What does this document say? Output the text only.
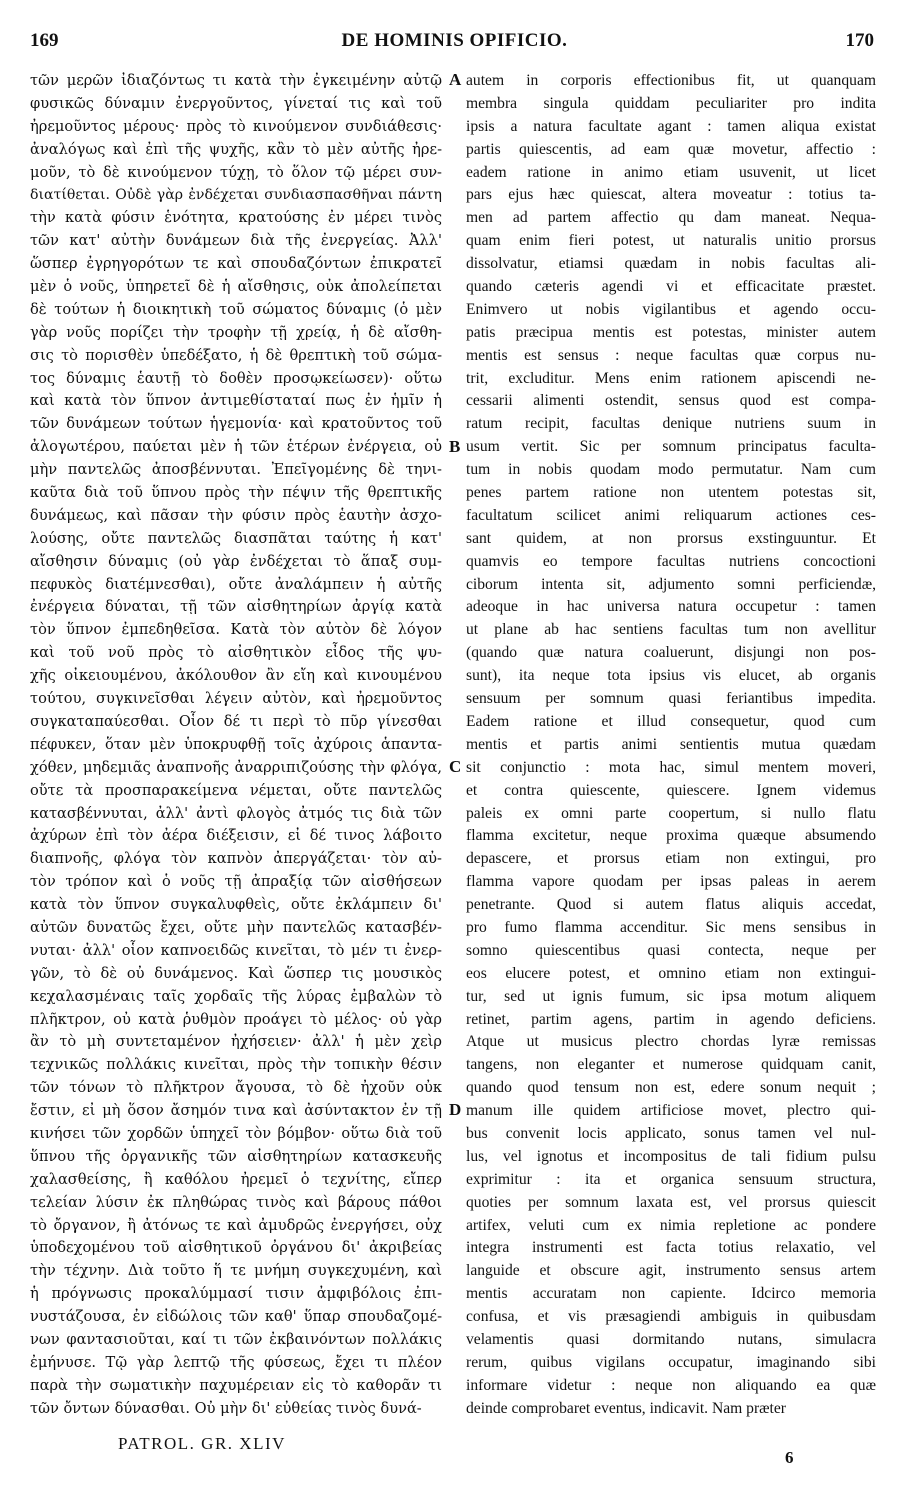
169	DE HOMINIS OPIFICIO.	170
τῶν μερῶν ἰδιαζόντως τι κατὰ τὴν ἐγκειμένην αὐτῷ
φυσικῶς δύναμιν ἐνεργοῦντος, γίνεταί τις καὶ τοῦ
ἠρεμοῦντος μέρους· πρὸς τὸ κινούμενον συνδιάθεσις·
ἀναλόγως καὶ ἐπὶ τῆς ψυχῆς, κἂν τὸ μὲν αὐτῆς ἠρε-
μοῦν, τὸ δὲ κινούμενον τύχῃ, τὸ ὅλον τῷ μέρει συν-
διατίθεται. Οὐδὲ γὰρ ἐνδέχεται συνδιασπασθῆναι πάντη
τὴν κατὰ φύσιν ἑνότητα, κρατούσης ἐν μέρει τινὸς
τῶν κατ' αὐτὴν δυνάμεων διὰ τῆς ἐνεργείας. Ἀλλ'
ὥσπερ ἐγρηγορότων τε καὶ σπουδαζόντων ἐπικρατεῖ
μὲν ὁ νοῦς, ὑπηρετεῖ δὲ ἡ αἴσθησις, οὐκ ἀπολείπεται
δὲ τούτων ἡ διοικητικὴ τοῦ σώματος δύναμις (ὁ μὲν
γὰρ νοῦς πορίζει τὴν τροφὴν τῇ χρείᾳ, ἡ δὲ αἴσθη-
σις τὸ πορισθὲν ὑπεδέξατο, ἡ δὲ θρεπτικὴ τοῦ σώμα-
τος δύναμις ἑαυτῇ τὸ δοθὲν προσῳκείωσεν)· οὕτω
καὶ κατὰ τὸν ὕπνον ἀντιμεθίσταταί πως ἐν ἡμῖν ἡ
τῶν δυνάμεων τούτων ἡγεμονία· καὶ κρατοῦντος τοῦ
ἀλογωτέρου, παύεται μὲν ἡ τῶν ἑτέρων ἐνέργεια, οὐ
μὴν παντελῶς ἀποσβέννυται. Ἐπεῖγομένης δὲ τηνι-
καῦτα διὰ τοῦ ὕπνου πρὸς τὴν πέψιν τῆς θρεπτικῆς
δυνάμεως, καὶ πᾶσαν τὴν φύσιν πρὸς ἑαυτὴν ἀσχο-
λούσης, οὔτε παντελῶς διασπᾶται ταύτης ἡ κατ'
αἴσθησιν δύναμις (οὐ γὰρ ἐνδέχεται τὸ ἅπαξ συμ-
πεφυκὸς διατέμνεσθαι), οὔτε ἀναλάμπειν ἡ αὐτῆς
ἐνέργεια δύναται, τῇ τῶν αἰσθητηρίων ἀργίᾳ κατὰ
τὸν ὕπνον ἐμπεδηθεῖσα. Κατὰ τὸν αὐτὸν δὲ λόγον
καὶ τοῦ νοῦ πρὸς τὸ αἰσθητικὸν εἶδος τῆς ψυ-
χῆς οἰκειουμένου, ἀκόλουθον ἂν εἴη καὶ κινουμένου
τούτου, συγκινεῖσθαι λέγειν αὐτὸν, καὶ ἠρεμοῦντος
συγκαταπαύεσθαι. Οἷον δέ τι περὶ τὸ πῦρ γίνεσθαι
πέφυκεν, ὅταν μὲν ὑποκρυφθῇ τοῖς ἀχύροις ἁπαντα-
χόθεν, μηδεμιᾶς ἀναπνοῆς ἀναρριπιζούσης τὴν φλόγα,
οὔτε τὰ προσπαρακείμενα νέμεται, οὔτε παντελῶς
κατασβέννυται, ἀλλ' ἀντὶ φλογὸς ἀτμός τις διὰ τῶν
ἀχύρων ἐπὶ τὸν ἀέρα διέξεισιν, εἰ δέ τινος λάβοιτο
διαπνοῆς, φλόγα τὸν καπνὸν ἀπεργάζεται· τὸν αὐ-
τὸν τρόπον καὶ ὁ νοῦς τῇ ἀπραξίᾳ τῶν αἰσθήσεων
κατὰ τὸν ὕπνον συγκαλυφθεὶς, οὔτε ἐκλάμπειν δι'
αὐτῶν δυνατῶς ἔχει, οὔτε μὴν παντελῶς κατασβέν-
νυται· ἀλλ' οἷον καπνοειδῶς κινεῖται, τὸ μέν τι ἐνερ-
γῶν, τὸ δὲ οὐ δυνάμενος. Καὶ ὥσπερ τις μουσικὸς
κεχαλασμέναις ταῖς χορδαῖς τῆς λύρας ἐμβαλὼν τὸ
πλῆκτρον, οὐ κατὰ ῥυθμὸν προάγει τὸ μέλος· οὐ γὰρ
ἂν τὸ μὴ συντεταμένον ἠχήσειεν· ἀλλ' ἡ μὲν χεὶρ
τεχνικῶς πολλάκις κινεῖται, πρὸς τὴν τοπικὴν θέσιν
τῶν τόνων τὸ πλῆκτρον ἄγουσα, τὸ δὲ ἠχοῦν οὐκ
ἔστιν, εἰ μὴ ὅσον ἄσημόν τινα καὶ ἀσύντακτον ἐν τῇ
κινήσει τῶν χορδῶν ὑπηχεῖ τὸν βόμβον· οὕτω διὰ τοῦ
ὕπνου τῆς ὀργανικῆς τῶν αἰσθητηρίων κατασκευῆς
χαλασθείσης, ἢ καθόλου ἠρεμεῖ ὁ τεχνίτης, εἴπερ
τελείαν λύσιν ἐκ πληθώρας τινὸς καὶ βάρους πάθοι
τὸ ὄργανον, ἢ ἀτόνως τε καὶ ἀμυδρῶς ἐνεργήσει, οὐχ
ὑποδεχομένου τοῦ αἰσθητικοῦ ὀργάνου δι' ἀκριβείας
τὴν τέχνην. Διὰ τοῦτο ἥ τε μνήμη συγκεχυμένη, καὶ
ἡ πρόγνωσις προκαλύμμασί τισιν ἀμφιβόλοις ἐπι-
νυστάζουσα, ἐν εἰδώλοις τῶν καθ' ὕπαρ σπουδαζομέ-
νων φαντασιοῦται, καί τι τῶν ἐκβαινόντων πολλάκις
ἐμήνυσε. Τῷ γὰρ λεπτῷ τῆς φύσεως, ἔχει τι πλέον
παρὰ τὴν σωματικὴν παχυμέρειαν εἰς τὸ καθορᾶν τι
τῶν ὄντων δύνασθαι. Οὐ μὴν δι' εὐθείας τινὸς δυνά-
autem in corporis effectionibus fit, ut quanquam
membra singula quiddam peculiariter pro indita
ipsis a natura facultate agant : tamen aliqua existat
partis quiescentis, ad eam quæ movetur, affectio :
eadem ratione in animo etiam usuvenit, ut licet
pars ejus hæc quiescat, altera moveatur : totius ta-
men ad partem affectio qu dam maneat. Nequa-
quam enim fieri potest, ut naturalis unitio prorsus
dissolvatur, etiamsi quædam in nobis facultas ali-
quando cæteris agendi vi et efficacitate præstet.
Enimvero ut nobis vigilantibus et agendo occu-
patis præcipua mentis est potestas, minister autem
mentis est sensus : neque facultas quæ corpus nu-
trit, excluditur. Mens enim rationem apiscendi ne-
cessarii alimenti ostendit, sensus quod est compa-
ratum recipit, facultas denique nutriens suum in
usum vertit. Sic per somnum principatus faculta-
tum in nobis quodam modo permutatur. Nam cum
penes partem ratione non utentem potestas sit,
facultatum scilicet animi reliquarum actiones ces-
sant quidem, at non prorsus exstinguuntur. Et
quamvis eo tempore facultas nutriens concoctioni
ciborum intenta sit, adjumento somni perficiendæ,
adeoque in hac universa natura occupetur : tamen
ut plane ab hac sentiens facultas tum non avellitur
(quando quæ natura coaluerunt, disjungi non pos-
sunt), ita neque tota ipsius vis elucet, ab organis
sensuum per somnum quasi feriantibus impedita.
Eadem ratione et illud consequetur, quod cum
mentis et partis animi sentientis mutua quædam
sit conjunctio : mota hac, simul mentem moveri,
et contra quiescente, quiescere. Ignem videmus
paleis ex omni parte coopertum, si nullo flatu
flamma excitetur, neque proxima quæque absumendo
depascere, et prorsus etiam non extingui, pro
flamma vapore quodam per ipsas paleas in aerem
penetrante. Quod si autem flatus aliquis accedat,
pro fumo flamma accenditur. Sic mens sensibus in
somno quiescentibus quasi contecta, neque per
eos elucere potest, et omnino etiam non extingui-
tur, sed ut ignis fumum, sic ipsa motum aliquem
retinet, partim agens, partim in agendo deficiens.
Atque ut musicus plectro chordas lyræ remissas
tangens, non eleganter et numerose quidquam canit,
quando quod tensum non est, edere sonum nequit ;
manum ille quidem artificiose movet, plectro qui-
bus convenit locis applicato, sonus tamen vel nul-
lus, vel ignotus et incompositus de tali fidium pulsu
exprimitur : ita et organica sensuum structura,
quoties per somnum laxata est, vel prorsus quiescit
artifex, veluti cum ex nimia repletione ac pondere
integra instrumenti est facta totius relaxatio, vel
languide et obscure agit, instrumento sensus artem
mentis accuratam non capiente. Idcirco memoria
confusa, et vis præsagiendi ambiguis in quibusdam
velamentis quasi dormitando nutans, simulacra
rerum, quibus vigilans occupatur, imaginando sibi
informare videtur : neque non aliquando ea quæ
deinde comprobaret eventus, indicavit. Nam præter
A
B
C
D
PATROL. GR. XLIV
6
